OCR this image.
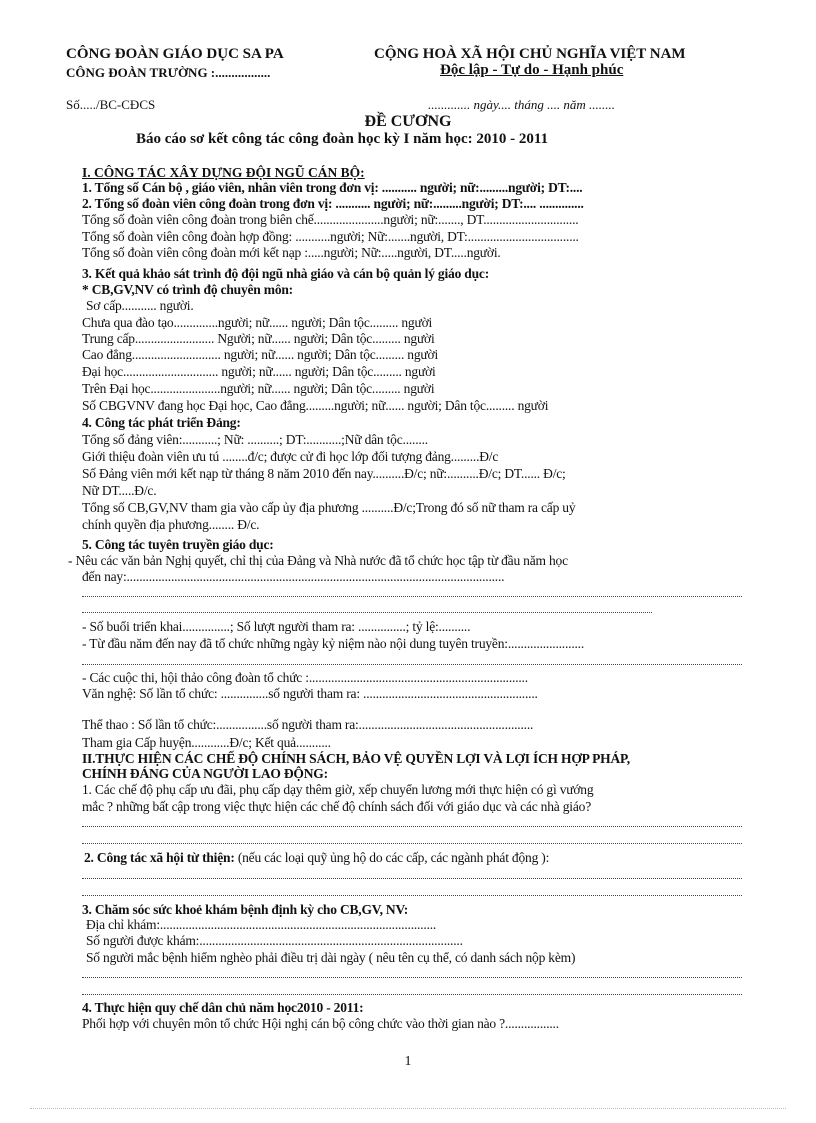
CÔNG ĐOÀN GIÁO DỤC SA PA
CÔNG ĐOÀN TRƯỜNG :.................
CỘNG HOÀ XÃ HỘI CHỦ NGHĨA VIỆT NAM
Độc lập - Tự do - Hạnh phúc
Số...../BC-CĐCS	............. ngày.... tháng .... năm ........
ĐỀ CƯƠNG
Báo cáo sơ kết công tác công đoàn học kỳ I năm học: 2010 - 2011
I. CÔNG TÁC XÂY DỰNG ĐỘI NGŨ CÁN BỘ:
1. Tổng số Cán bộ , giáo viên, nhân viên trong đơn vị: ........... người; nữ:.........người; DT:....
2. Tổng số đoàn viên công đoàn trong đơn vị: ........... người; nữ:.........người; DT:.... ..............
Tổng số đoàn viên công đoàn trong biên chế......................người; nữ:......., DT..............................
Tổng số đoàn viên công đoàn hợp đồng: ...........người; Nữ:.......người, DT:...................................
Tổng số đoàn viên công đoàn mới kết nạp :.....người; Nữ:.....người, DT.....người.
3. Kết quả khảo sát trình độ đội ngũ nhà giáo và cán bộ quản lý giáo dục:
* CB,GV,NV có trình độ chuyên môn:
Sơ cấp........... người.
Chưa qua đào tạo..............người; nữ...... người; Dân tộc......... người
Trung cấp......................... Người; nữ...... người; Dân tộc......... người
Cao đẳng............................ người; nữ...... người; Dân tộc......... người
Đại học.............................. người; nữ...... người; Dân tộc......... người
Trên Đại học......................người; nữ...... người; Dân tộc......... người
Số CBGVNV đang học Đại học, Cao đẳng.........người; nữ...... người; Dân tộc......... người
4. Công tác phát triển Đảng:
Tổng số đảng viên:...........; Nữ: ..........; DT:...........;Nữ dân tộc........
Giới thiệu đoàn viên ưu tú ........đ/c; được cử đi học lớp đối tượng đảng.........Đ/c
Số Đảng viên mới kết nạp từ tháng 8 năm 2010 đến nay..........Đ/c; nữ:..........Đ/c; DT...... Đ/c;
Nữ DT.....Đ/c.
Tổng số CB,GV,NV tham gia vào cấp ủy địa phương ..........Đ/c;Trong đó số nữ tham ra cấp uỷ
chính quyền địa phương........ Đ/c.
5. Công tác tuyên truyền giáo dục:
- Nêu các văn bản Nghị quyết, chỉ thị của Đảng và Nhà nước đã tổ chức học tập từ đầu năm học
đến nay:.......................................................................................................................
- Số buổi triển khai...............; Số lượt người tham ra: ...............; tỷ lệ:..........
- Từ đầu năm đến nay đã tổ chức những ngày kỷ niệm nào nội dung tuyên truyền:........................
- Các cuộc thi, hội thảo công đoàn tổ chức :.....................................................................
Văn nghệ: Số lần tổ chức: ...............số người tham ra: .......................................................
Thể thao : Số lần tổ chức:................số người tham ra:.......................................................
Tham gia Cấp huyện............Đ/c; Kết quả...........
II.THỰC HIỆN CÁC CHẾ ĐỘ CHÍNH SÁCH, BẢO VỆ QUYỀN LỢI VÀ LỢI ÍCH HỢP PHÁP,
CHÍNH ĐÁNG CỦA NGƯỜI LAO ĐỘNG:
1. Các chế độ phụ cấp ưu đãi, phụ cấp dạy thêm giờ, xếp chuyển lương mới thực hiện có gì vướng
mắc ? những bất cập trong việc thực hiện các chế độ chính sách đối với giáo dục và các nhà giáo?
2. Công tác xã hội từ thiện: (nếu các loại quỹ ủng hộ do các cấp, các ngành phát động ):
3. Chăm sóc sức khoẻ khám bệnh định kỳ cho CB,GV, NV:
Địa chỉ khám:.......................................................................................
Số người được khám:...................................................................................
Số người mắc bệnh hiểm nghèo phải điều trị dài ngày ( nêu tên cụ thể, có danh sách nộp kèm)
4. Thực hiện quy chế dân chủ năm học2010 - 2011:
Phối hợp với chuyên môn tổ chức Hội nghị cán bộ công chức vào thời gian nào ?.................
1
